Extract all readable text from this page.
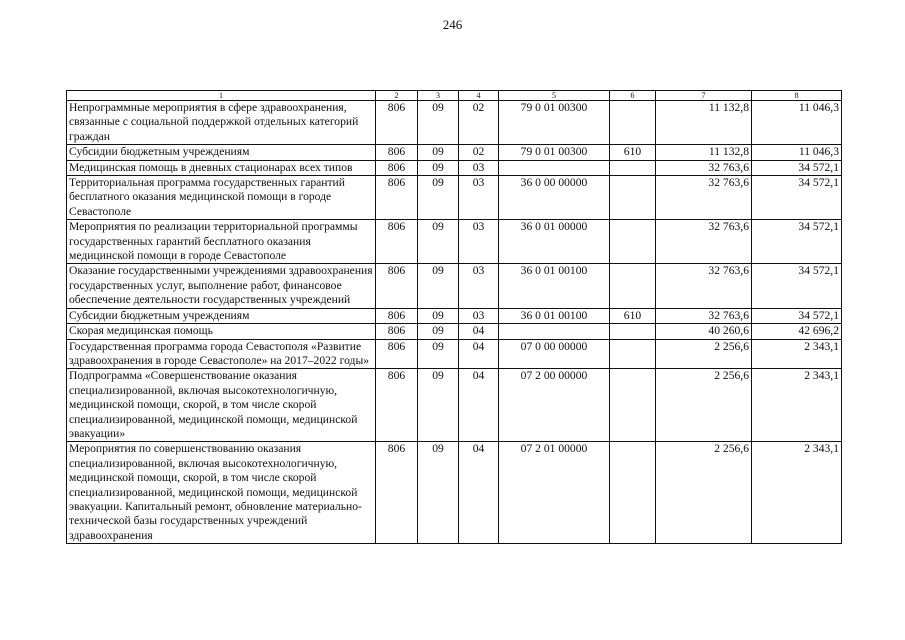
246
1	2	3	4	5	6	7	8
Непрограммные мероприятия в сфере здравоохранения, связанные с социальной поддержкой отдельных категорий граждан	806	09	02	79 0 01 00300		11 132,8	11 046,3
Субсидии бюджетным учреждениям	806	09	02	79 0 01 00300	610	11 132,8	11 046,3
Медицинская помощь в дневных стационарах всех типов	806	09	03			32 763,6	34 572,1
Территориальная программа государственных гарантий бесплатного оказания медицинской помощи в городе Севастополе	806	09	03	36 0 00 00000		32 763,6	34 572,1
Мероприятия по реализации территориальной программы государственных гарантий бесплатного оказания медицинской помощи в городе Севастополе	806	09	03	36 0 01 00000		32 763,6	34 572,1
Оказание государственными учреждениями здравоохранения государственных услуг, выполнение работ, финансовое обеспечение деятельности государственных учреждений	806	09	03	36 0 01 00100		32 763,6	34 572,1
Субсидии бюджетным учреждениям	806	09	03	36 0 01 00100	610	32 763,6	34 572,1
Скорая медицинская помощь	806	09	04			40 260,6	42 696,2
Государственная программа города Севастополя «Развитие здравоохранения в городе Севастополе» на 2017–2022 годы»	806	09	04	07 0 00 00000		2 256,6	2 343,1
Подпрограмма «Совершенствование оказания специализированной, включая высокотехнологичную, медицинской помощи, скорой, в том числе скорой специализированной, медицинской помощи, медицинской эвакуации»	806	09	04	07 2 00 00000		2 256,6	2 343,1
Мероприятия по совершенствованию оказания специализированной, включая высокотехнологичную, медицинской помощи, скорой, в том числе скорой специализированной, медицинской помощи, медицинской эвакуации. Капитальный ремонт, обновление материально-технической базы государственных учреждений здравоохранения	806	09	04	07 2 01 00000		2 256,6	2 343,1
